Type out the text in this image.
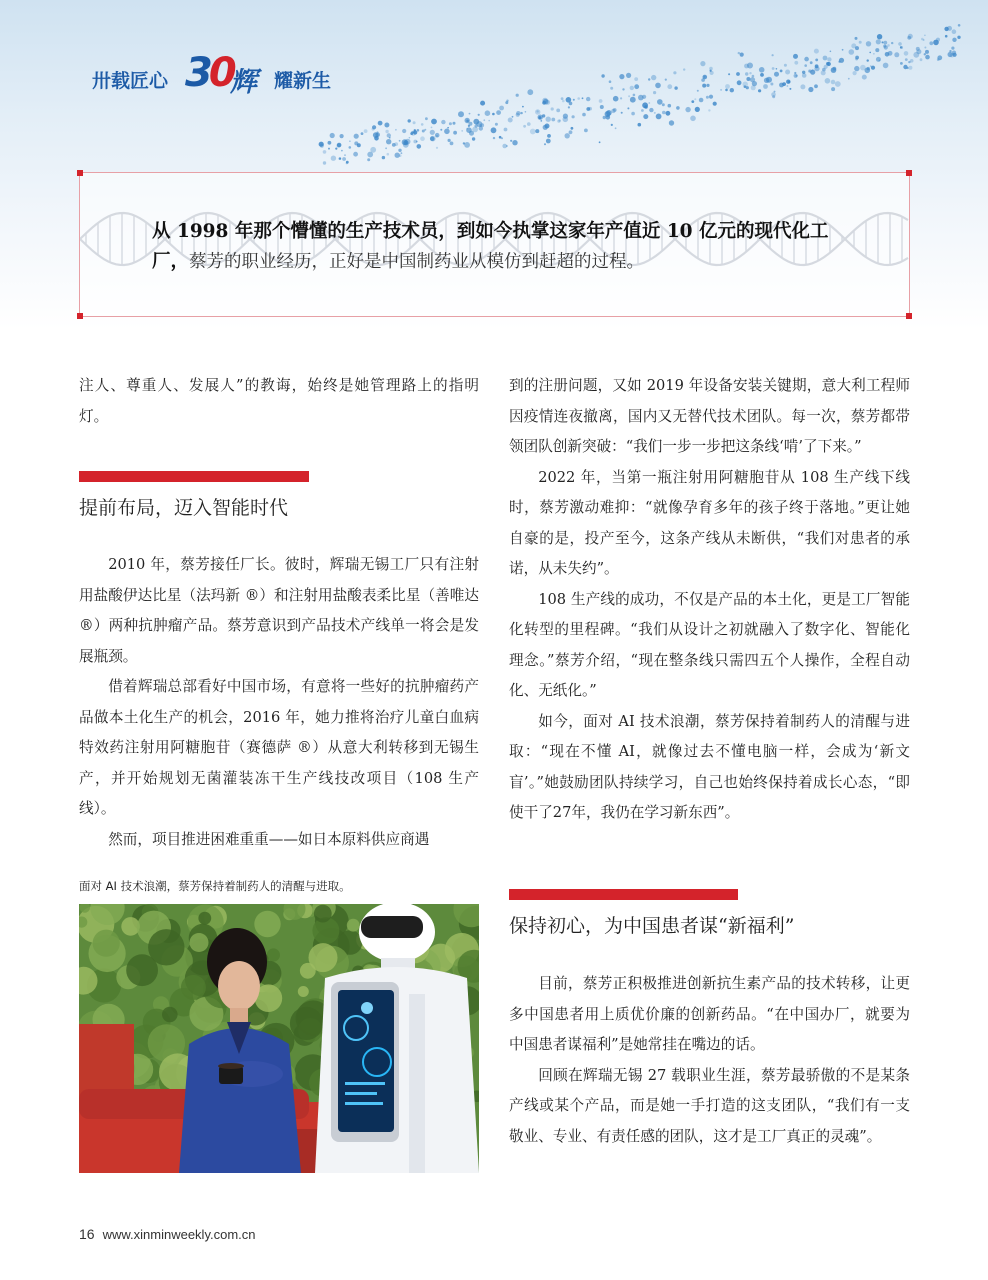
卅载匠心 30
辉 耀新生
从 1998 年那个懵懂的生产技术员，到如今执掌这家年产值近 10 亿元的现代化工厂，蔡芳的职业经历，正好是中国制药业从模仿到赶超的过程。

注人、尊重人、发展人”的教诲，始终是她管理路上的指明灯。

提前布局，迈入智能时代

2010 年，蔡芳接任厂长。彼时，辉瑞无锡工厂只有注射用盐酸伊达比星（法玛新 ®）和注射用盐酸表柔比星（善唯达 ®）两种抗肿瘤产品。蔡芳意识到产品技术产线单一将会是发展瓶颈。

借着辉瑞总部看好中国市场，有意将一些好的抗肿瘤药产品做本土化生产的机会，2016 年，她力推将治疗儿童白血病特效药注射用阿糖胞苷（赛德萨 ®）从意大利转移到无锡生产，并开始规划无菌灌装冻干生产线技改项目（108 生产线）。

然而，项目推进困难重重——如日本原料供应商遇

面对 AI 技术浪潮，蔡芳保持着制药人的清醒与进取。

到的注册问题，又如 2019 年设备安装关键期，意大利工程师因疫情连夜撤离，国内又无替代技术团队。每一次，蔡芳都带领团队创新突破：“我们一步一步把这条线‘啃’了下来。”

2022 年，当第一瓶注射用阿糖胞苷从 108 生产线下线时，蔡芳激动难抑：“就像孕育多年的孩子终于落地。”更让她自豪的是，投产至今，这条产线从未断供，“我们对患者的承诺，从未失约”。

108 生产线的成功，不仅是产品的本土化，更是工厂智能化转型的里程碑。“我们从设计之初就融入了数字化、智能化理念。”蔡芳介绍，“现在整条线只需四五个人操作，全程自动化、无纸化。”

如今，面对 AI 技术浪潮，蔡芳保持着制药人的清醒与进取：“现在不懂 AI，就像过去不懂电脑一样，会成为‘新文盲’。”她鼓励团队持续学习，自己也始终保持着成长心态，“即使干了27年，我仍在学习新东西”。

保持初心，为中国患者谋“新福利”

目前，蔡芳正积极推进创新抗生素产品的技术转移，让更多中国患者用上质优价廉的创新药品。“在中国办厂，就要为中国患者谋福利”是她常挂在嘴边的话。

回顾在辉瑞无锡 27 载职业生涯，蔡芳最骄傲的不是某条产线或某个产品，而是她一手打造的这支团队，“我们有一支敬业、专业、有责任感的团队，这才是工厂真正的灵魂”。

16 www.xinminweekly.com.cn
